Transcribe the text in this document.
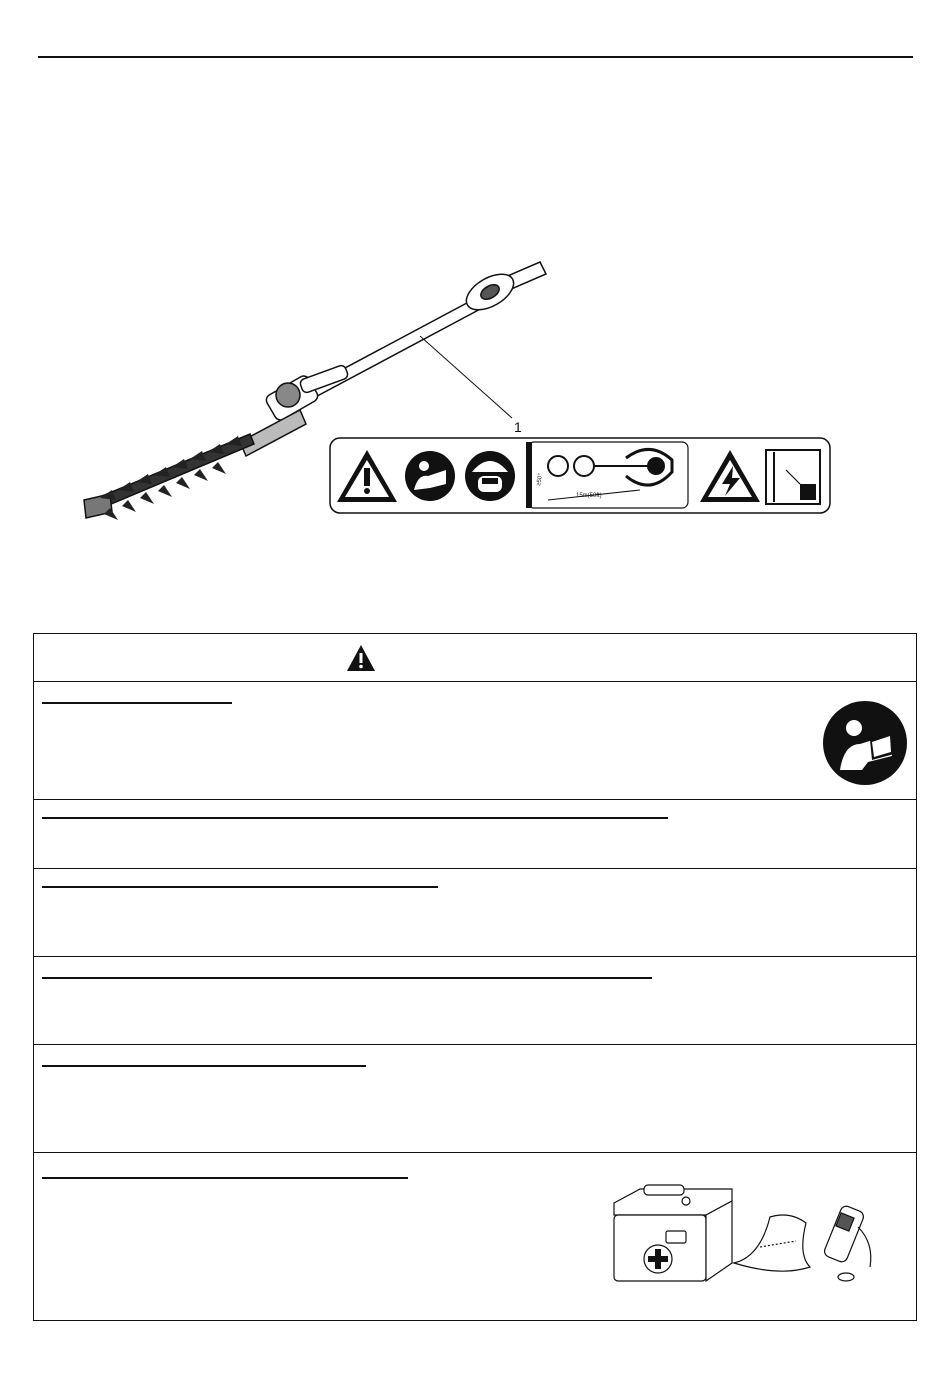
1
15m(50ft)
≥50°
